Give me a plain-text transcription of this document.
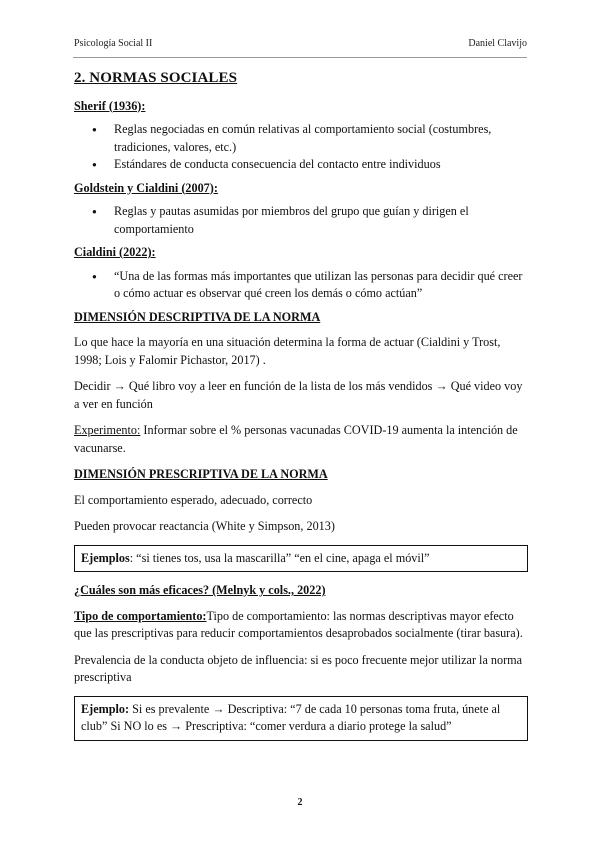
Psicología Social II	Daniel Clavijo
2. NORMAS SOCIALES
Sherif (1936):
● Reglas negociadas en común relativas al comportamiento social (costumbres, tradiciones, valores, etc.)
● Estándares de conducta consecuencia del contacto entre individuos
Goldstein y Cialdini (2007):
● Reglas y pautas asumidas por miembros del grupo que guían y dirigen el comportamiento
Cialdini (2022):
● “Una de las formas más importantes que utilizan las personas para decidir qué creer o cómo actuar es observar qué creen los demás o cómo actúan”
DIMENSIÓN DESCRIPTIVA DE LA NORMA

Lo que hace la mayoría en una situación determina la forma de actuar (Cialdini y Trost, 1998; Lois y Falomir Pichastor, 2017) .

Decidir → Qué libro voy a leer en función de la lista de los más vendidos → Qué video voy a ver en función

Experimento: Informar sobre el % personas vacunadas COVID-19 aumenta la intención de vacunarse.

DIMENSIÓN PRESCRIPTIVA DE LA NORMA

El comportamiento esperado, adecuado, correcto

Pueden provocar reactancia (White y Simpson, 2013)

Ejemplos: “si tienes tos, usa la mascarilla” “en el cine, apaga el móvil”
¿Cuáles son más eficaces? (Melnyk y cols., 2022)

Tipo de comportamiento:Tipo de comportamiento: las normas descriptivas mayor efecto que las prescriptivas para reducir comportamientos desaprobados socialmente (tirar basura).

Prevalencia de la conducta objeto de influencia: si es poco frecuente mejor utilizar la norma prescriptiva

Ejemplo: Si es prevalente → Descriptiva: “7 de cada 10 personas toma fruta, únete al club” Si NO lo es → Prescriptiva: “comer verdura a diario protege la salud”
2
